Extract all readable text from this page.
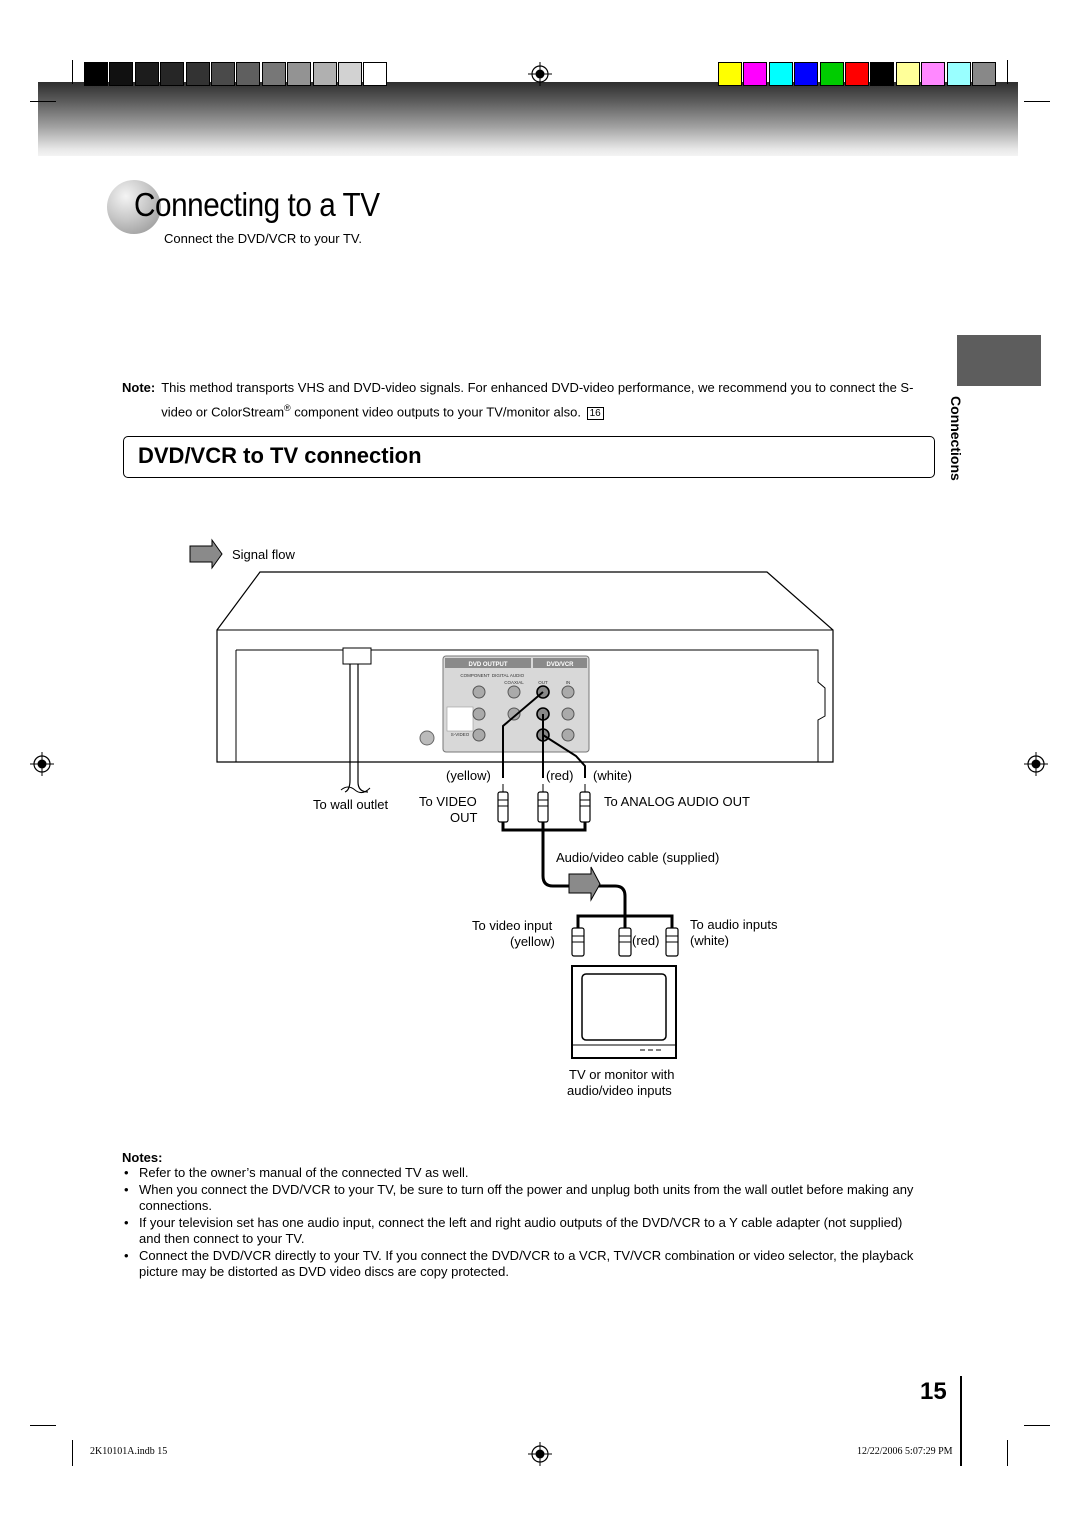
Connecting to a TV
Connect the DVD/VCR to your TV.
Connections
Note: This method transports VHS and DVD-video signals. For enhanced DVD-video performance, we recommend you to connect the S-video or ColorStream® component video outputs to your TV/monitor also. 16
DVD/VCR to TV connection
DVD OUTPUT	DVD/VCR
COMPONENT DIGITAL AUDIO
COAXIAL	OUT	IN
S-VIDEO
Signal flow
(yellow)	(red) (white)
To wall outlet To VIDEO
OUT
To ANALOG AUDIO OUT
Audio/video cable (supplied)
To video input
(yellow)	(red)
To audio inputs
(white)
TV or monitor with
audio/video inputs
Notes:
• Refer to the owner’s manual of the connected TV as well.
• When you connect the DVD/VCR to your TV, be sure to turn off the power and unplug both units from the wall outlet before making any connections.
• If your television set has one audio input, connect the left and right audio outputs of the DVD/VCR to a Y cable adapter (not supplied) and then connect to your TV.
• Connect the DVD/VCR directly to your TV. If you connect the DVD/VCR to a VCR, TV/VCR combination or video selector, the playback picture may be distorted as DVD video discs are copy protected.
15
2K10101A.indb 15	12/22/2006 5:07:29 PM
